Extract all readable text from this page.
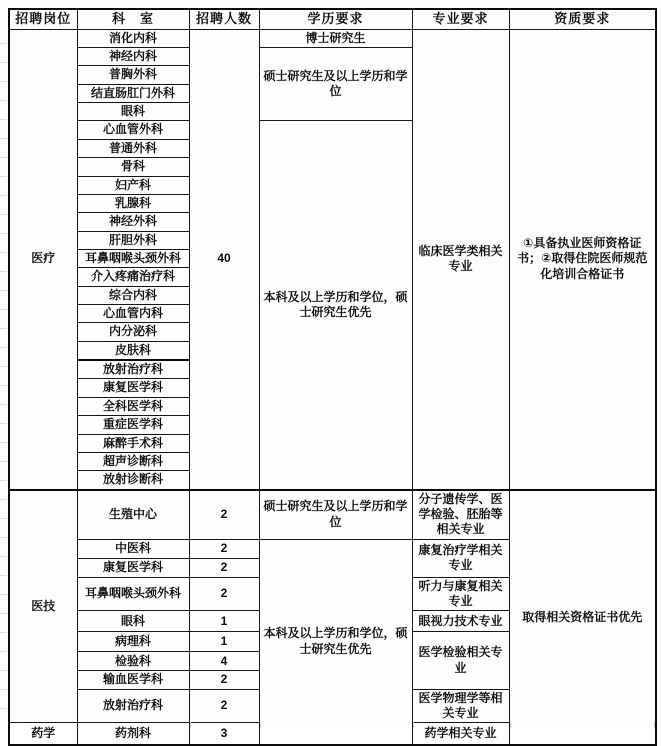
招聘岗位	科　室	招聘人数	学历要求	专业要求	资质要求
医疗	消化内科	40	博士研究生	临床医学类相关专业	①具备执业医师资格证书；②取得住院医师规范化培训合格证书
	神经内科		硕士研究生及以上学历和学位		
	普胸外科				
	结直肠肛门外科				
	眼科				
	心血管外科		本科及以上学历和学位，硕士研究生优先		
	普通外科				
	骨科				
	妇产科				
	乳腺科				
	神经外科				
	肝胆外科				
	耳鼻咽喉头颈外科				
	介入疼痛治疗科				
	综合内科				
	心血管内科				
	内分泌科				
	皮肤科				
	放射治疗科				
	康复医学科				
	全科医学科				
	重症医学科				
	麻醉手术科				
	超声诊断科				
	放射诊断科				
医技	生殖中心	2	硕士研究生及以上学历和学位	分子遗传学、医学检验、胚胎等相关专业	取得相关资格证书优先
	中医科	2	本科及以上学历和学位，硕士研究生优先	康复治疗学相关专业	
	康复医学科	2			
	耳鼻咽喉头颈外科	2		听力与康复相关专业	
	眼科	1		眼视力技术专业	
	病理科	1		医学检验相关专业	
	检验科	4			
	输血医学科	2			
	放射治疗科	2		医学物理学等相关专业	
药学	药剂科	3		药学相关专业	
